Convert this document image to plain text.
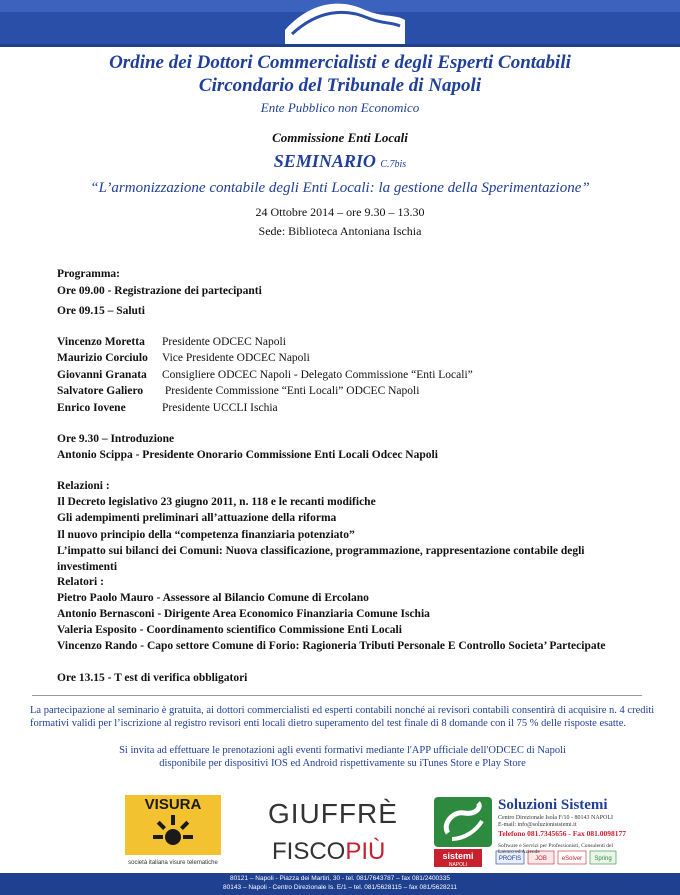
Ordine dei Dottori Commercialisti e degli Esperti Contabili
Circondario del Tribunale di Napoli
Ente Pubblico non Economico
Commissione Enti Locali
SEMINARIO C.7bis
“L’armonizzazione contabile degli Enti Locali: la gestione della Sperimentazione”
24 Ottobre 2014 – ore 9.30 – 13.30
Sede: Biblioteca Antoniana Ischia
Programma:
Ore 09.00 - Registrazione dei partecipanti
Ore 09.15 – Saluti
Vincenzo Moretta Presidente ODCEC Napoli
Maurizio Corciulo Vice Presidente ODCEC Napoli
Giovanni Granata Consigliere ODCEC Napoli - Delegato Commissione “Enti Locali”
Salvatore Galiero Presidente Commissione “Enti Locali” ODCEC Napoli
Enrico Iovene	Presidente UCCLI Ischia
Ore 9.30 – Introduzione
Antonio Scippa - Presidente Onorario Commissione Enti Locali Odcec Napoli
Relazioni :
Il Decreto legislativo 23 giugno 2011, n. 118 e le recanti modifiche
Gli adempimenti preliminari all’attuazione della riforma
Il nuovo principio della “competenza finanziaria potenziato”
L’impatto sui bilanci dei Comuni: Nuova classificazione, programmazione, rappresentazione contabile degli
investimenti
Relatori :
Pietro Paolo Mauro - Assessore al Bilancio Comune di Ercolano
Antonio Bernasconi - Dirigente Area Economico Finanziaria Comune Ischia
Valeria Esposito - Coordinamento scientifico Commissione Enti Locali
Vincenzo Rando - Capo settore Comune di Forio: Ragioneria Tributi Personale E Controllo Societa’ Partecipate
Ore 13.15 - T est di verifica obbligatori
La partecipazione al seminario è gratuita, ai dottori commercialisti ed esperti contabili nonché ai revisori contabili consentirà di acquisire n. 4 crediti formativi validi per l’iscrizione al registro revisori enti locali dietro superamento del test finale di 8 domande con il 75 % delle risposte esatte.
Si invita ad effettuare le prenotazioni agli eventi formativi mediante l'APP ufficiale dell'ODCEC di Napoli
disponibile per dispositivi IOS ed Android rispettivamente su iTunes Store e Play Store
VISURA
società italiana visure telematiche
GIUFFRÈ
FISCOPIÙ	sistemi
NAPOLI
PROFIS JOB eSolver Spring
Soluzioni Sistemi
Centro Direzionale Isola F/10 - 80143 NAPOLI
E-mail: info@soluzionisistemi.it
Telefono 081.7345656 - Fax 081.0098177
Software e Servizi per Professionisti, Consulenti del Lavoro ed Aziende
80121 – Napoli - Piazza dei Martiri, 30 - tel. 081/7643787 – fax 081/2400335
80143 – Napoli - Centro Direzionale Is. E/1 – tel. 081/5628115 – fax 081/5628211
